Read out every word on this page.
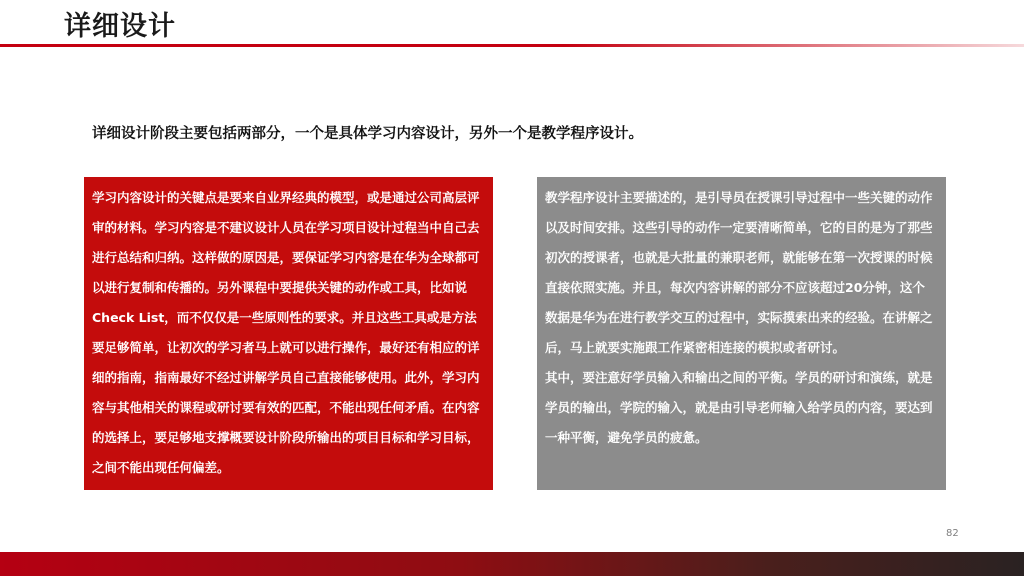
详细设计
详细设计阶段主要包括两部分，一个是具体学习内容设计，另外一个是教学程序设计。

学习内容设计的关键点是要来自业界经典的模型，或是通过公司高层评审的材料。学习内容是不建议设计人员在学习项目设计过程当中自己去进行总结和归纳。这样做的原因是，要保证学习内容是在华为全球都可以进行复制和传播的。另外课程中要提供关键的动作或工具，比如说Check List，而不仅仅是一些原则性的要求。并且这些工具或是方法要足够简单，让初次的学习者马上就可以进行操作，最好还有相应的详细的指南，指南最好不经过讲解学员自己直接能够使用。此外，学习内容与其他相关的课程或研讨要有效的匹配，不能出现任何矛盾。在内容的选择上，要足够地支撑概要设计阶段所输出的项目目标和学习目标，之间不能出现任何偏差。

教学程序设计主要描述的，是引导员在授课引导过程中一些关键的动作以及时间安排。这些引导的动作一定要清晰简单，它的目的是为了那些初次的授课者，也就是大批量的兼职老师，就能够在第一次授课的时候直接依照实施。并且，每次内容讲解的部分不应该超过20分钟，这个数据是华为在进行教学交互的过程中，实际摸索出来的经验。在讲解之后，马上就要实施跟工作紧密相连接的模拟或者研讨。

其中，要注意好学员输入和输出之间的平衡。学员的研讨和演练，就是学员的输出，学院的输入，就是由引导老师输入给学员的内容，要达到一种平衡，避免学员的疲惫。

82
